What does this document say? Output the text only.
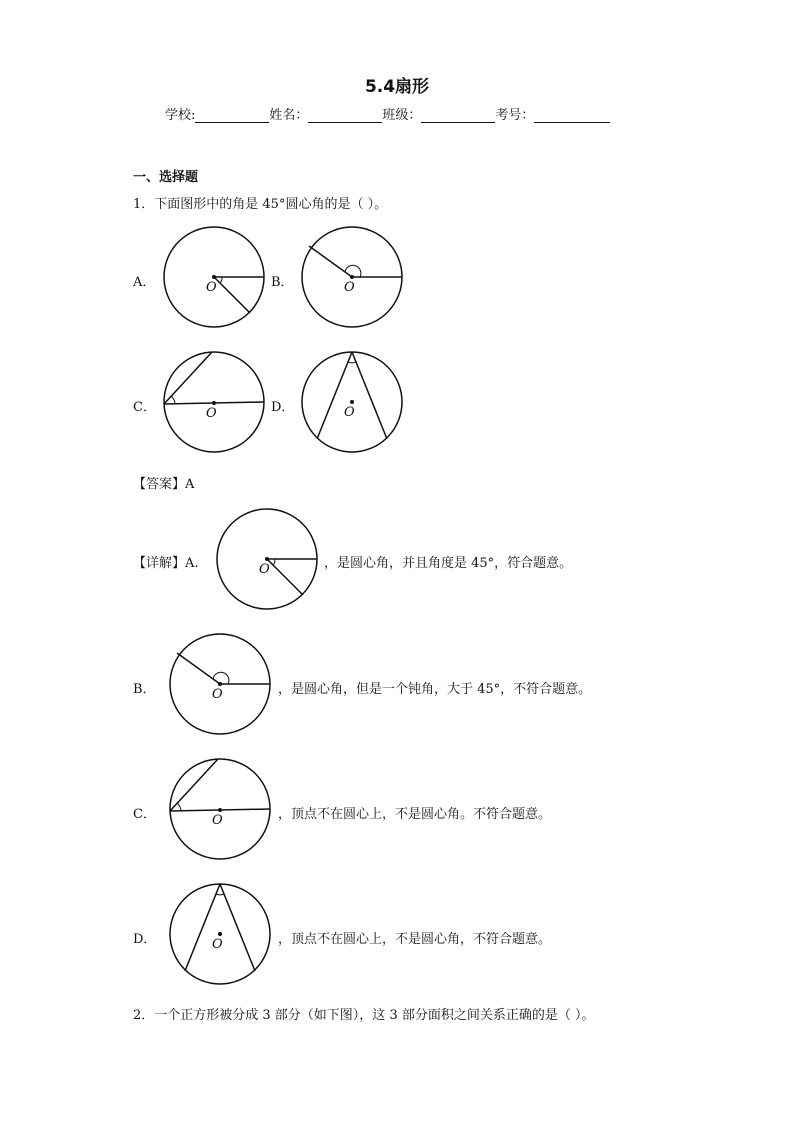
5.4扇形
学校:	姓名：	班级：	考号：
一、选择题
1．下面图形中的角是 45°圆心角的是（ ）。
A．	O	B．	O
C．	O	D．	O
【答案】A
【详解】A.	O	，是圆心角，并且角度是 45°，符合题意。
B．	O	，是圆心角，但是一个钝角，大于 45°，不符合题意。
C．	O	，顶点不在圆心上，不是圆心角。不符合题意。
D．	O	，顶点不在圆心上，不是圆心角，不符合题意。
2．一个正方形被分成 3 部分（如下图），这 3 部分面积之间关系正确的是（ ）。
